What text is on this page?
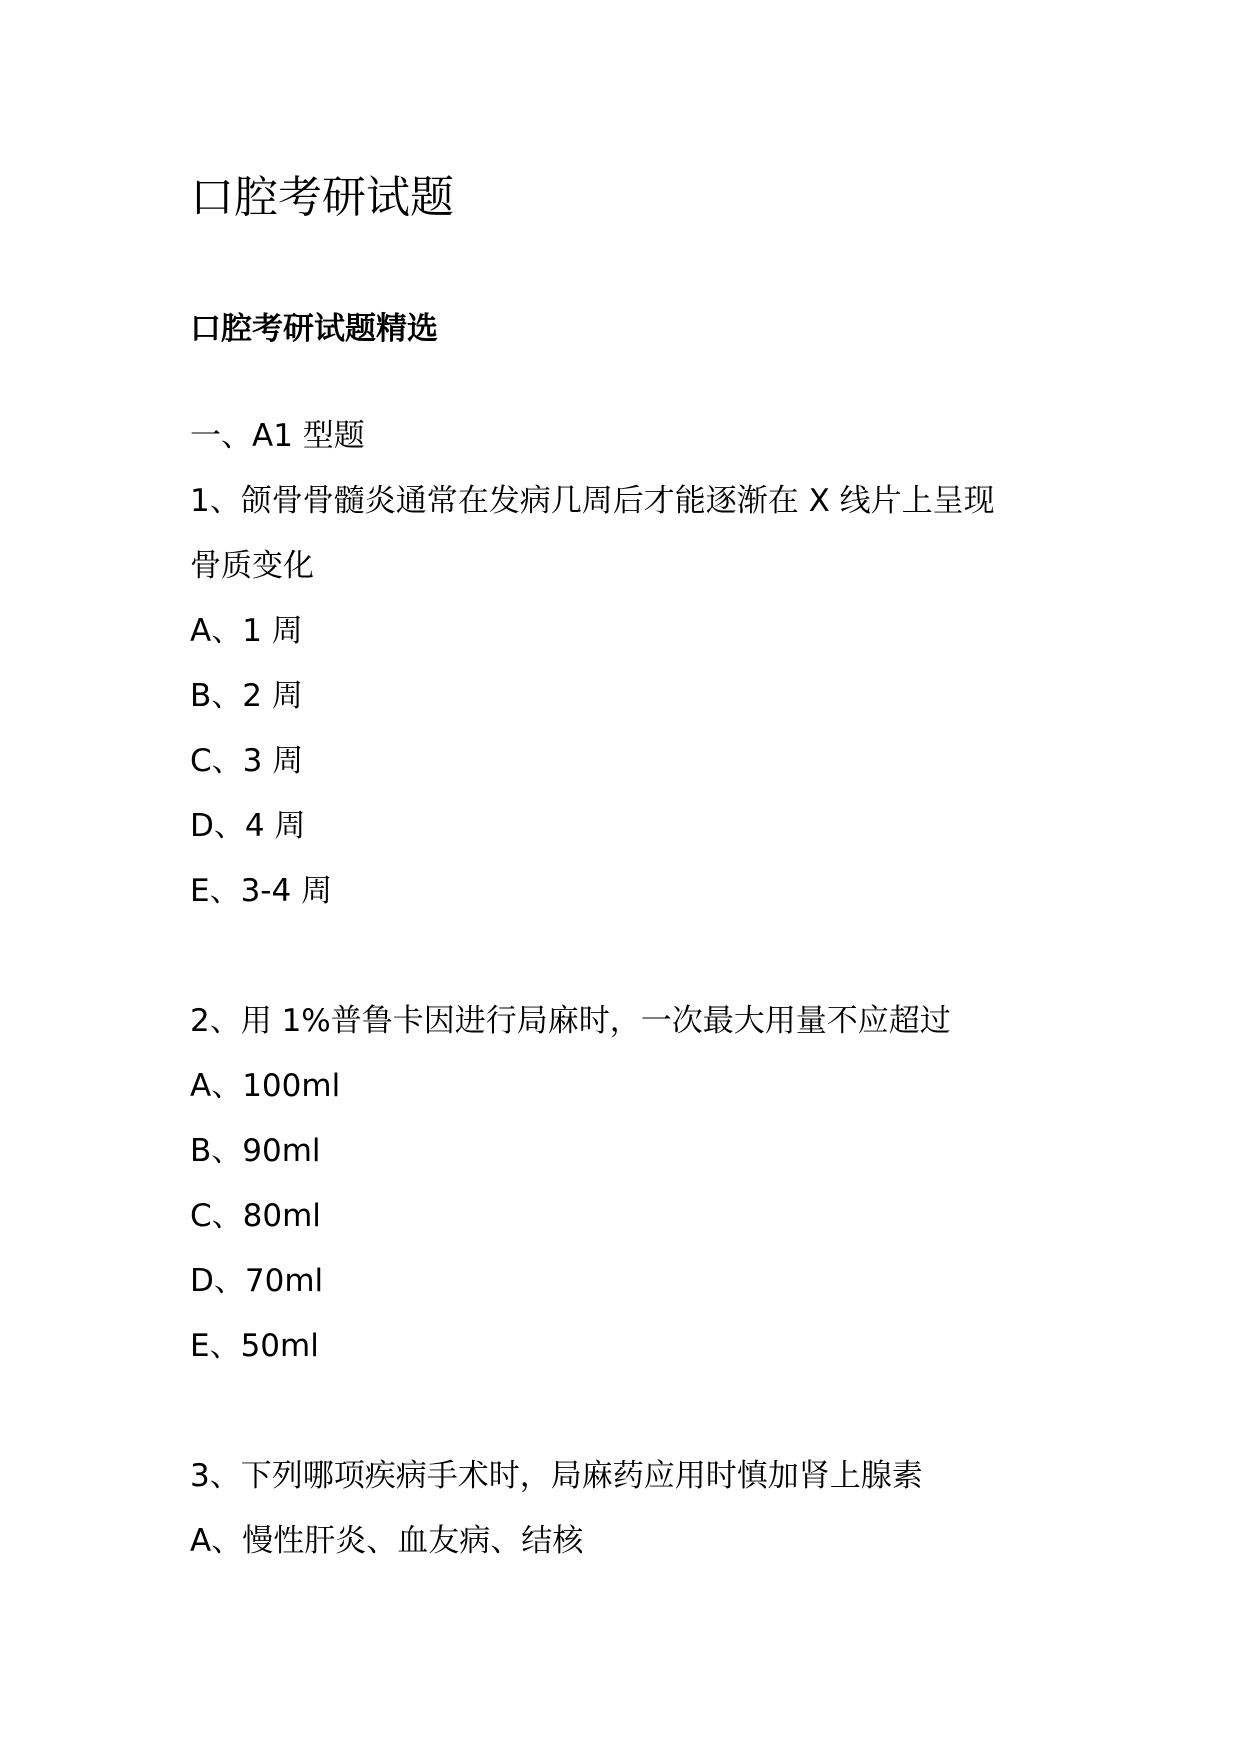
口腔考研试题
口腔考研试题精选
一、A1 型题
1、颌骨骨髓炎通常在发病几周后才能逐渐在 X 线片上呈现
骨质变化
A、1 周
B、2 周
C、3 周
D、4 周
E、3-4 周
2、用 1%普鲁卡因进行局麻时，一次最大用量不应超过
A、100ml
B、90ml
C、80ml
D、70ml
E、50ml
3、下列哪项疾病手术时，局麻药应用时慎加肾上腺素
A、慢性肝炎、血友病、结核
